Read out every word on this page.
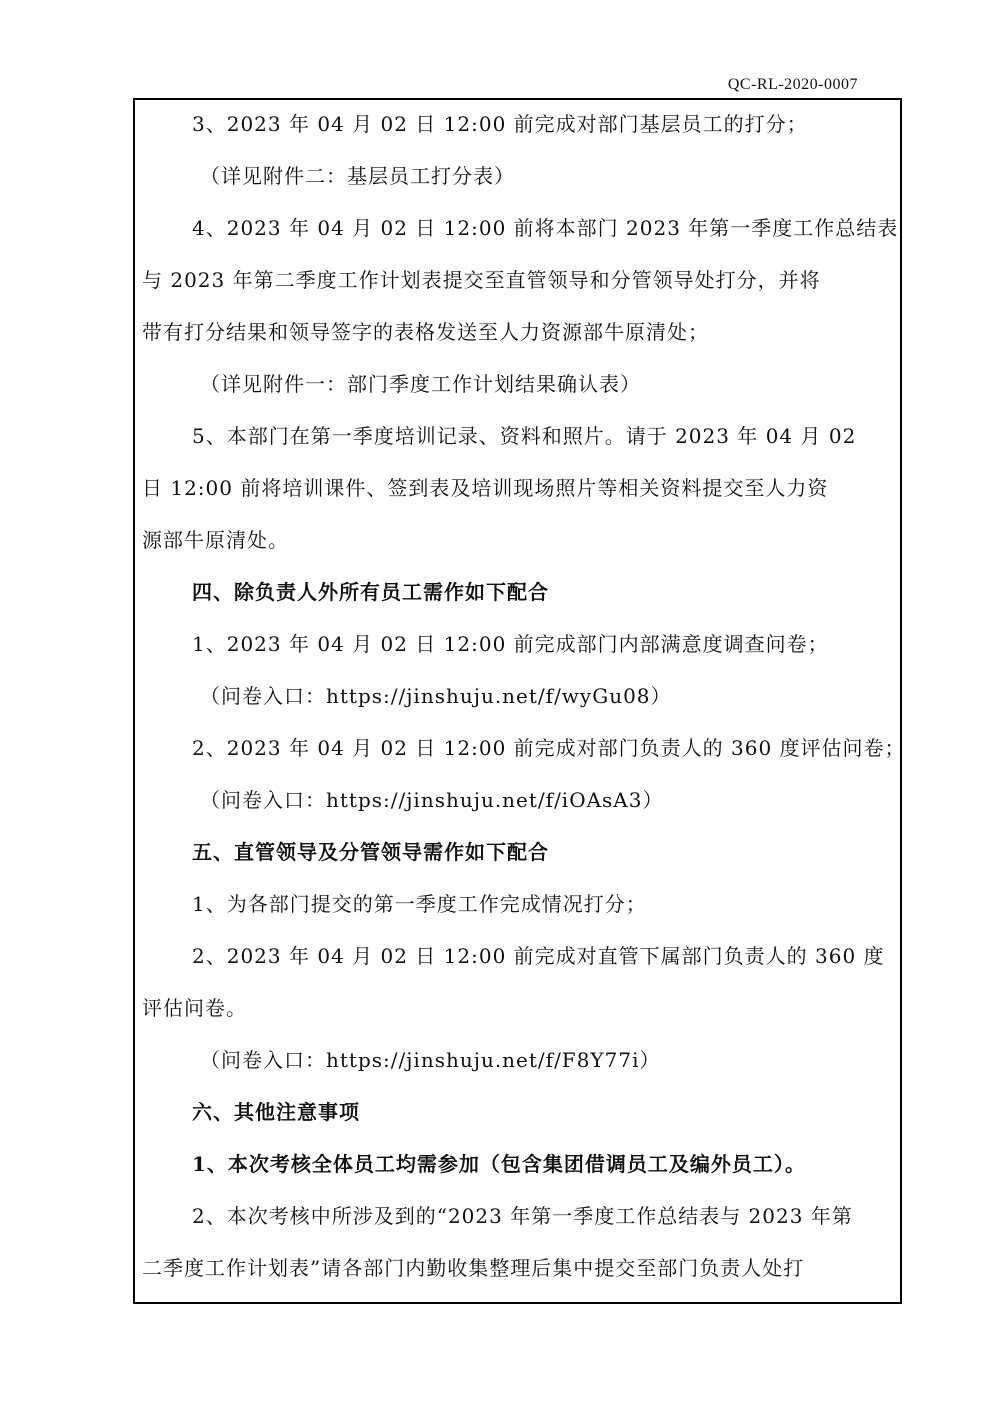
QC-RL-2020-0007
3、2023 年 04 月 02 日 12:00 前完成对部门基层员工的打分；
（详见附件二：基层员工打分表）
4、2023 年 04 月 02 日 12:00 前将本部门 2023 年第一季度工作总结表
与 2023 年第二季度工作计划表提交至直管领导和分管领导处打分，并将
带有打分结果和领导签字的表格发送至人力资源部牛原清处；
（详见附件一：部门季度工作计划结果确认表）
5、本部门在第一季度培训记录、资料和照片。请于 2023 年 04 月 02
日 12:00 前将培训课件、签到表及培训现场照片等相关资料提交至人力资
源部牛原清处。
四、除负责人外所有员工需作如下配合
1、2023 年 04 月 02 日 12:00 前完成部门内部满意度调查问卷；
（问卷入口：https://jinshuju.net/f/wyGu08）
2、2023 年 04 月 02 日 12:00 前完成对部门负责人的 360 度评估问卷；
（问卷入口：https://jinshuju.net/f/iOAsA3）
五、直管领导及分管领导需作如下配合
1、为各部门提交的第一季度工作完成情况打分；
2、2023 年 04 月 02 日 12:00 前完成对直管下属部门负责人的 360 度
评估问卷。
（问卷入口：https://jinshuju.net/f/F8Y77i）
六、其他注意事项
1、本次考核全体员工均需参加（包含集团借调员工及编外员工）。
2、本次考核中所涉及到的“2023 年第一季度工作总结表与 2023 年第
二季度工作计划表”请各部门内勤收集整理后集中提交至部门负责人处打
